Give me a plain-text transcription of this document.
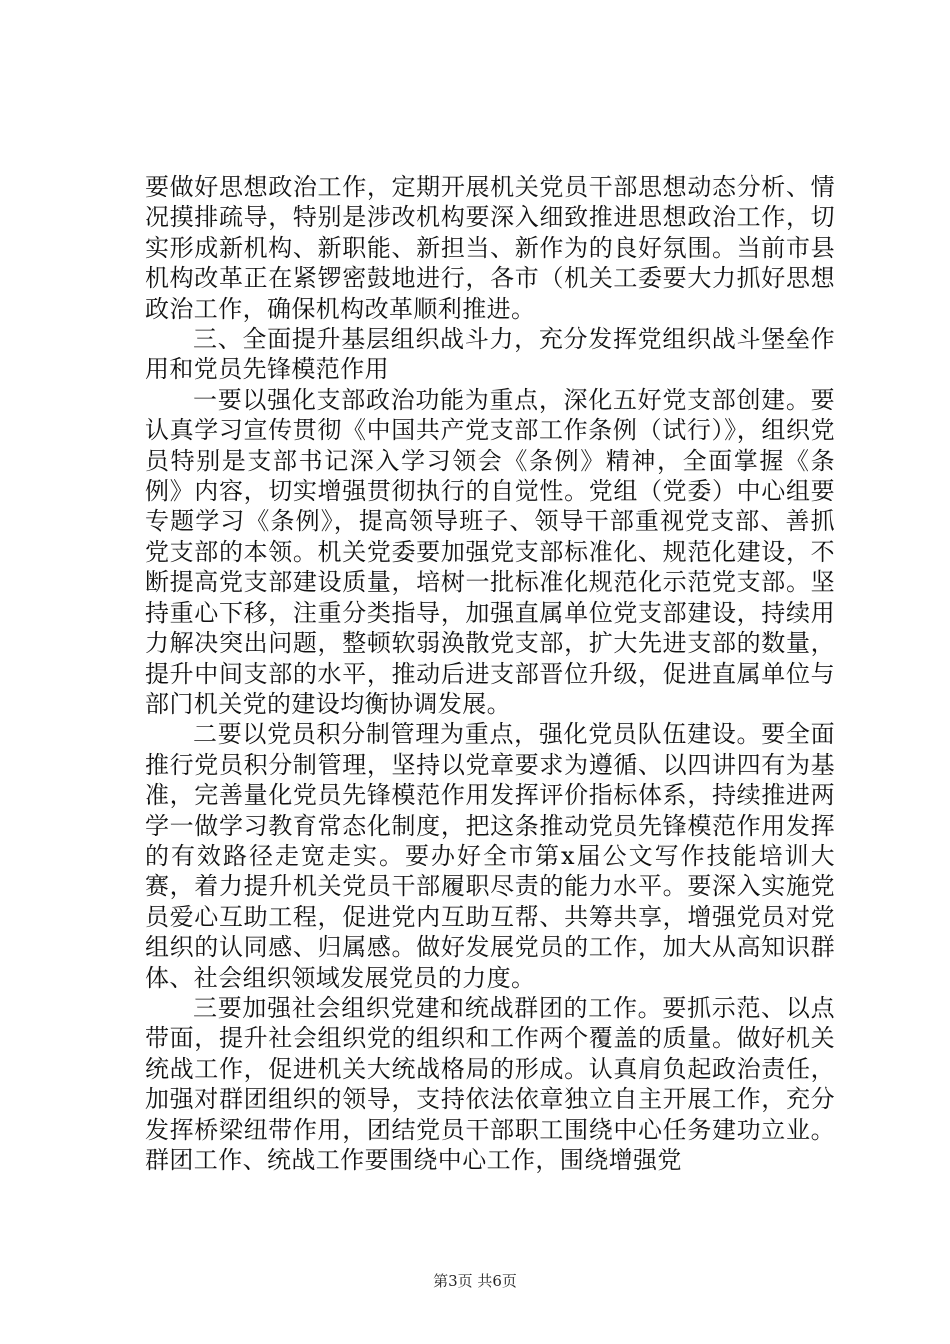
要做好思想政治工作，定期开展机关党员干部思想动态分析、情况摸排疏导，特别是涉改机构要深入细致推进思想政治工作，切实形成新机构、新职能、新担当、新作为的良好氛围。当前市县机构改革正在紧锣密鼓地进行，各市（机关工委要大力抓好思想政治工作，确保机构改革顺利推进。

三、全面提升基层组织战斗力，充分发挥党组织战斗堡垒作用和党员先锋模范作用

一要以强化支部政治功能为重点，深化五好党支部创建。要认真学习宣传贯彻《中国共产党支部工作条例（试行）》，组织党员特别是支部书记深入学习领会《条例》精神，全面掌握《条例》内容，切实增强贯彻执行的自觉性。党组（党委）中心组要专题学习《条例》，提高领导班子、领导干部重视党支部、善抓党支部的本领。机关党委要加强党支部标准化、规范化建设，不断提高党支部建设质量，培树一批标准化规范化示范党支部。坚持重心下移，注重分类指导，加强直属单位党支部建设，持续用力解决突出问题，整顿软弱涣散党支部，扩大先进支部的数量，提升中间支部的水平，推动后进支部晋位升级，促进直属单位与部门机关党的建设均衡协调发展。

二要以党员积分制管理为重点，强化党员队伍建设。要全面推行党员积分制管理，坚持以党章要求为遵循、以四讲四有为基准，完善量化党员先锋模范作用发挥评价指标体系，持续推进两学一做学习教育常态化制度，把这条推动党员先锋模范作用发挥的有效路径走宽走实。要办好全市第x届公文写作技能培训大赛，着力提升机关党员干部履职尽责的能力水平。要深入实施党员爱心互助工程，促进党内互助互帮、共筹共享，增强党员对党组织的认同感、归属感。做好发展党员的工作，加大从高知识群体、社会组织领域发展党员的力度。

三要加强社会组织党建和统战群团的工作。要抓示范、以点带面，提升社会组织党的组织和工作两个覆盖的质量。做好机关统战工作，促进机关大统战格局的形成。认真肩负起政治责任，加强对群团组织的领导，支持依法依章独立自主开展工作，充分发挥桥梁纽带作用，团结党员干部职工围绕中心任务建功立业。群团工作、统战工作要围绕中心工作，围绕增强党

第3页 共6页
